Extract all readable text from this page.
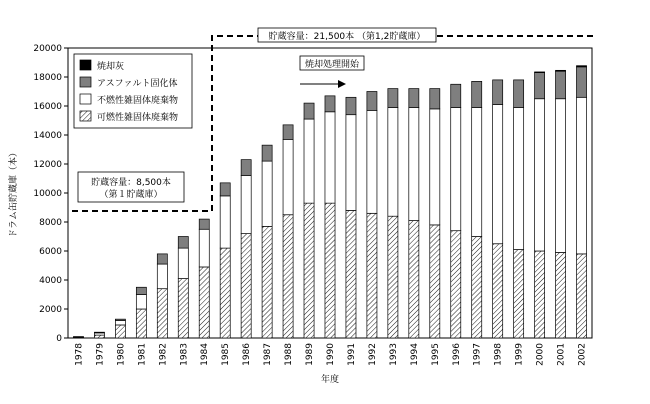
0
2000
4000
6000
8000
10000
12000
14000
16000
18000
20000
1978 1979 1980 1981 1982 1983 1984 1985 1986 1987 1988 1989 1990 1991 1992 1993 1994 1995 1996 1997 1998 1999 2000 2001 2002
貯蔵容量：8,500本
（第１貯蔵庫）
貯蔵容量：21,500本 （第1,2貯蔵庫）
焼却処理開始
焼却灰
アスファルト固化体
不燃性雑固体廃棄物
可燃性雑固体廃棄物
年度
ドラム缶貯蔵庫（本）
